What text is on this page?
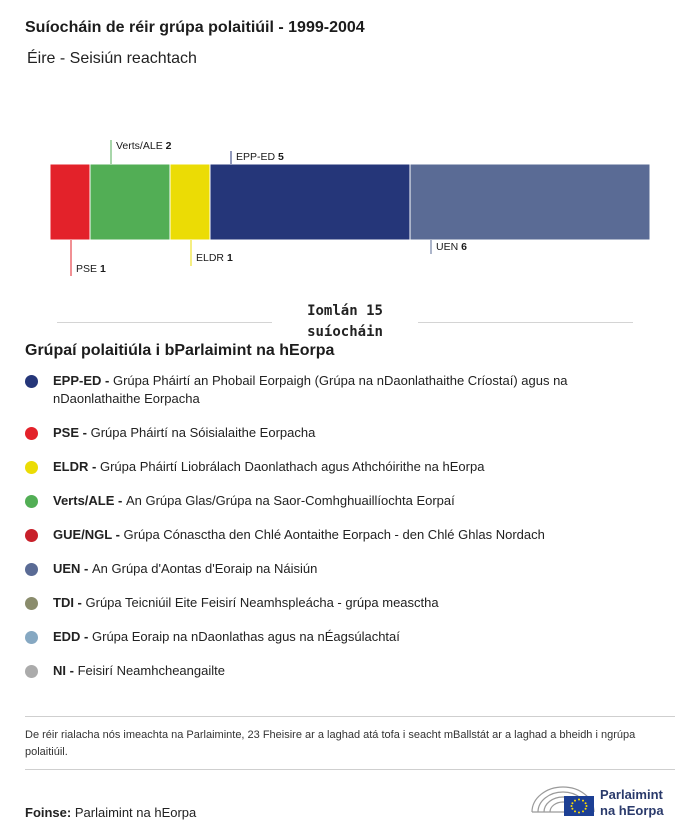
Suíocháin de réir grúpa polaitiúil - 1999-2004
Éire - Seisiún reachtach
PSE 1
Verts/ALE 2
ELDR 1
EPP-ED 5
UEN 6
Iomlán 15
suíocháin
Grúpaí polaitiúla i bParlaimint na hEorpa
EPP-ED - Grúpa Pháirtí an Phobail Eorpaigh (Grúpa na nDaonlathaithe Críostaí) agus na nDaonlathaithe Eorpacha
PSE - Grúpa Pháirtí na Sóisialaithe Eorpacha
ELDR - Grúpa Pháirtí Liobrálach Daonlathach agus Athchóirithe na hEorpa
Verts/ALE - An Grúpa Glas/Grúpa na Saor-Comhghuaillíochta Eorpaí
GUE/NGL - Grúpa Cónasctha den Chlé Aontaithe Eorpach - den Chlé Ghlas Nordach
UEN - An Grúpa d'Aontas d'Eoraip na Náisiún
TDI - Grúpa Teicniúil Eite Feisirí Neamhspleácha - grúpa measctha
EDD - Grúpa Eoraip na nDaonlathas agus na nÉagsúlachtaí
NI - Feisirí Neamhcheangailte
De réir rialacha nós imeachta na Parlaiminte, 23 Fheisire ar a laghad atá tofa i seacht mBallstát ar a laghad a bheidh i ngrúpa polaitiúil.
Foinse: Parlaimint na hEorpa
Parlaimint
na hEorpa
